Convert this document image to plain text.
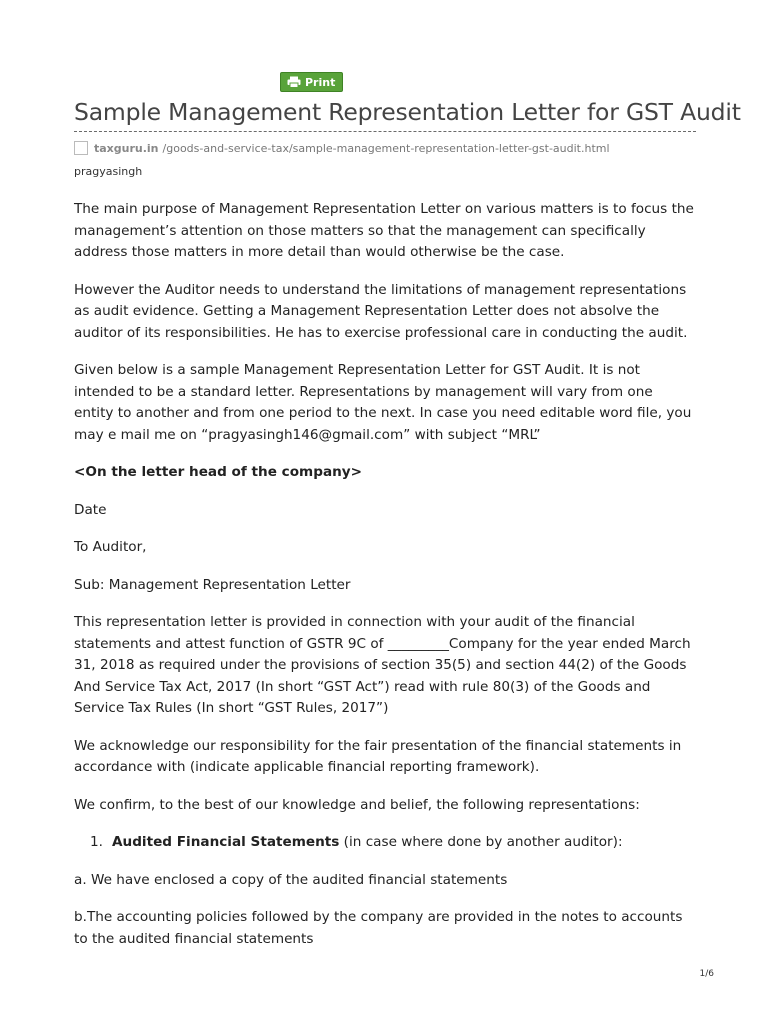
Print
Sample Management Representation Letter for GST Audit
taxguru.in /goods-and-service-tax/sample-management-representation-letter-gst-audit.html
pragyasingh

The main purpose of Management Representation Letter on various matters is to focus the management’s attention on those matters so that the management can specifically address those matters in more detail than would otherwise be the case.

However the Auditor needs to understand the limitations of management representations as audit evidence. Getting a Management Representation Letter does not absolve the auditor of its responsibilities. He has to exercise professional care in conducting the audit.

Given below is a sample Management Representation Letter for GST Audit. It is not intended to be a standard letter. Representations by management will vary from one entity to another and from one period to the next. In case you need editable word file, you may e mail me on “pragyasingh146@gmail.com” with subject “MRL”

<On the letter head of the company>

Date

To Auditor,

Sub: Management Representation Letter

This representation letter is provided in connection with your audit of the financial statements and attest function of GSTR 9C of _________Company for the year ended March 31, 2018 as required under the provisions of section 35(5) and section 44(2) of the Goods And Service Tax Act, 2017 (In short “GST Act”) read with rule 80(3) of the Goods and Service Tax Rules (In short “GST Rules, 2017”)

We acknowledge our responsibility for the fair presentation of the financial statements in accordance with (indicate applicable financial reporting framework).

We confirm, to the best of our knowledge and belief, the following representations:

1. Audited Financial Statements (in case where done by another auditor):

a. We have enclosed a copy of the audited financial statements

b.The accounting policies followed by the company are provided in the notes to accounts to the audited financial statements

1/6
